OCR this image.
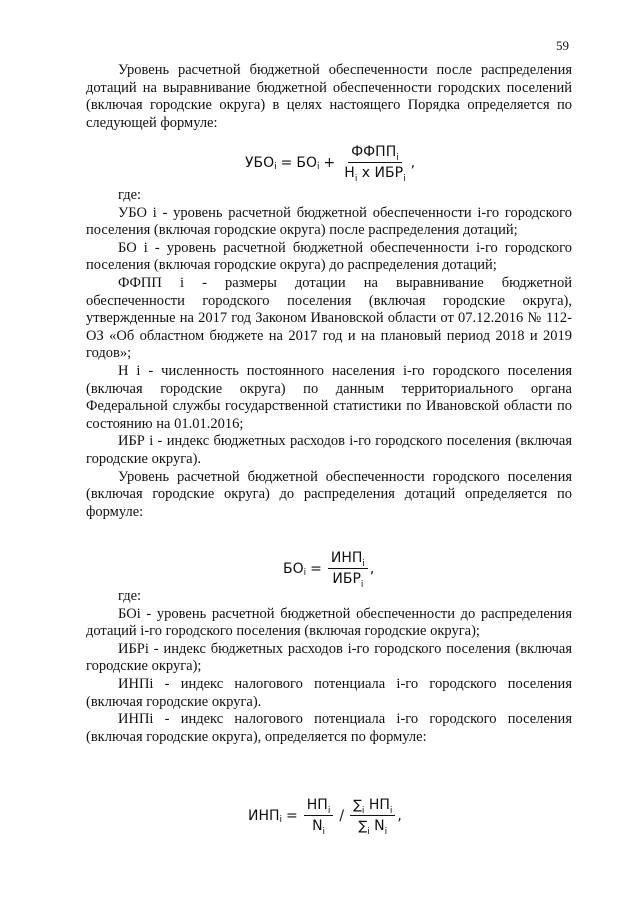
59

Уровень расчетной бюджетной обеспеченности после распределения дотаций на выравнивание бюджетной обеспеченности городских поселений (включая городские округа) в целях настоящего Порядка определяется по следующей формуле:

УБО i = БО $i + \frac{ФФПП_i}{Н_i х ИБР_i}$ ,

где:

УБО i - уровень расчетной бюджетной обеспеченности i-го городского поселения (включая городские округа) после распределения дотаций;

БО i - уровень расчетной бюджетной обеспеченности i-го городского поселения (включая городские округа) до распределения дотаций;

ФФПП i - размеры дотации на выравнивание бюджетной обеспеченности городского поселения (включая городские округа), утвержденные на 2017 год Законом Ивановской области от 07.12.2016 № 112-ОЗ «Об областном бюджете на 2017 год и на плановый период 2018 и 2019 годов»;

Н i - численность постоянного населения i-го городского поселения (включая городские округа) по данным территориального органа Федеральной службы государственной статистики по Ивановской области по состоянию на 01.01.2016;

ИБР i - индекс бюджетных расходов i-го городского поселения (включая городские округа).

Уровень расчетной бюджетной обеспеченности городского поселения (включая городские округа) до распределения дотаций определяется по формуле:

БО $i = \frac{ИНП_i}{ИБР_i}$ ,

где:

БОi - уровень расчетной бюджетной обеспеченности до распределения дотаций i-го городского поселения (включая городские округа);

ИБРi - индекс бюджетных расходов i-го городского поселения (включая городские округа);

ИНПi - индекс налогового потенциала i-го городского поселения (включая городские округа).

ИНПi - индекс налогового потенциала i-го городского поселения (включая городские округа), определяется по формуле:

ИНП $i = \frac{НП_i}{N_i} / \frac{\sum_i НП_i}{\sum_i N_i}$ ,
